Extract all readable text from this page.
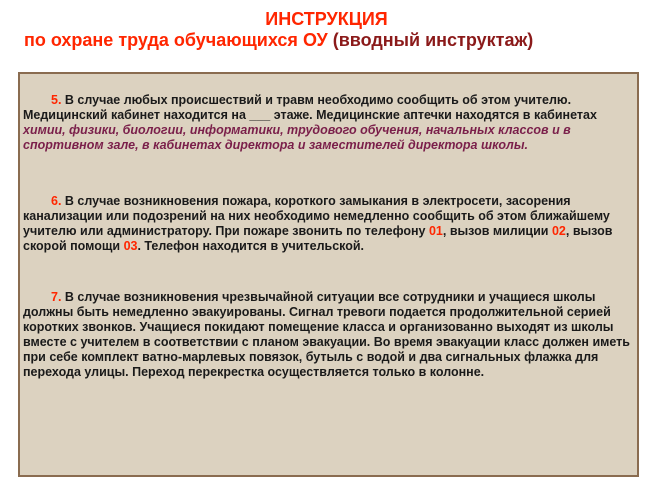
ИНСТРУКЦИЯ
по охране труда обучающихся ОУ (вводный инструктаж)
5. В случае любых происшествий и травм необходимо сообщить об этом учителю. Медицинский кабинет находится на ___ этаже. Медицинские аптечки находятся в кабинетах химии, физики, биологии, информатики, трудового обучения, начальных классов и в спортивном зале, в кабинетах директора и заместителей директора школы.
6. В случае возникновения пожара, короткого замыкания в электросети, засорения канализации или подозрений на них необходимо немедленно сообщить об этом ближайшему учителю или администратору. При пожаре звонить по телефону 01, вызов милиции 02, вызов скорой помощи 03. Телефон находится в учительской.
7. В случае возникновения чрезвычайной ситуации все сотрудники и учащиеся школы должны быть немедленно эвакуированы. Сигнал тревоги подается продолжительной серией коротких звонков. Учащиеся покидают помещение класса и организованно выходят из школы вместе с учителем в соответствии с планом эвакуации. Во время эвакуации класс должен иметь при себе комплект ватно-марлевых повязок, бутыль с водой и два сигнальных флажка для перехода улицы. Переход перекрестка осуществляется только в колонне.
